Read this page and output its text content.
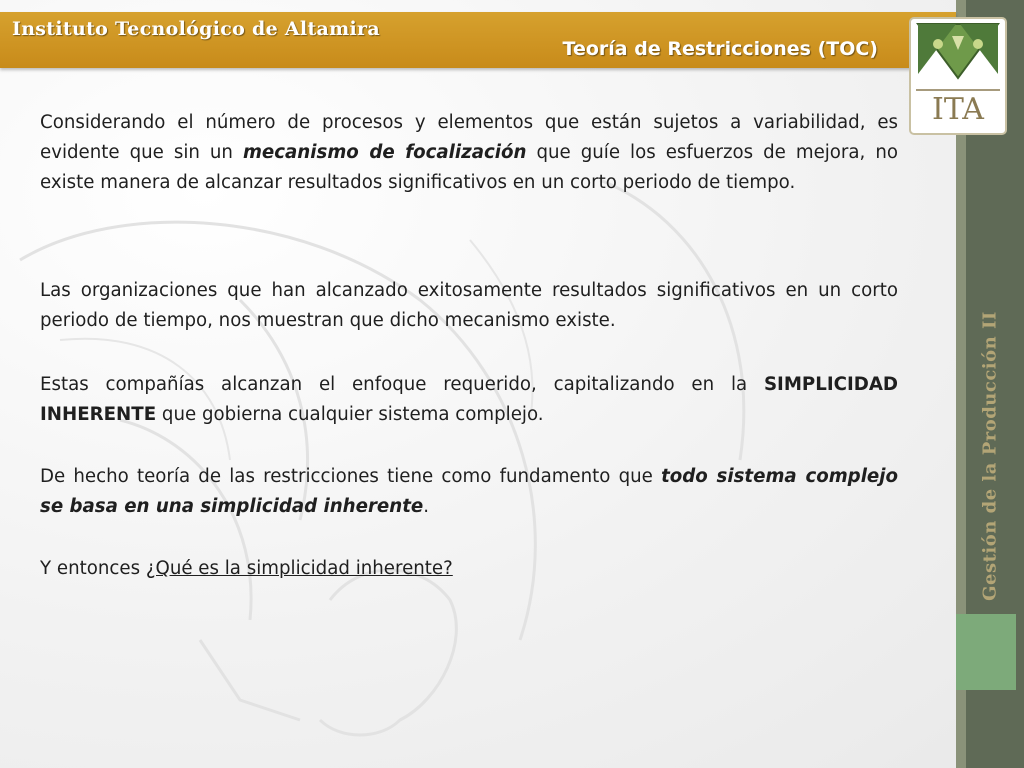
Gestión de la Producción II
Instituto Tecnológico de Altamira
Teoría de Restricciones (TOC)
ITA

Considerando el número de procesos y elementos que están sujetos a variabilidad, es evidente que sin un mecanismo de focalización que guíe los esfuerzos de mejora, no existe manera de alcanzar resultados significativos en un corto periodo de tiempo.

Las organizaciones que han alcanzado exitosamente resultados significativos en un corto periodo de tiempo, nos muestran que dicho mecanismo existe.

Estas compañías alcanzan el enfoque requerido, capitalizando en la SIMPLICIDAD INHERENTE que gobierna cualquier sistema complejo.

De hecho teoría de las restricciones tiene como fundamento que todo sistema complejo se basa en una simplicidad inherente.

Y entonces ¿Qué es la simplicidad inherente?
